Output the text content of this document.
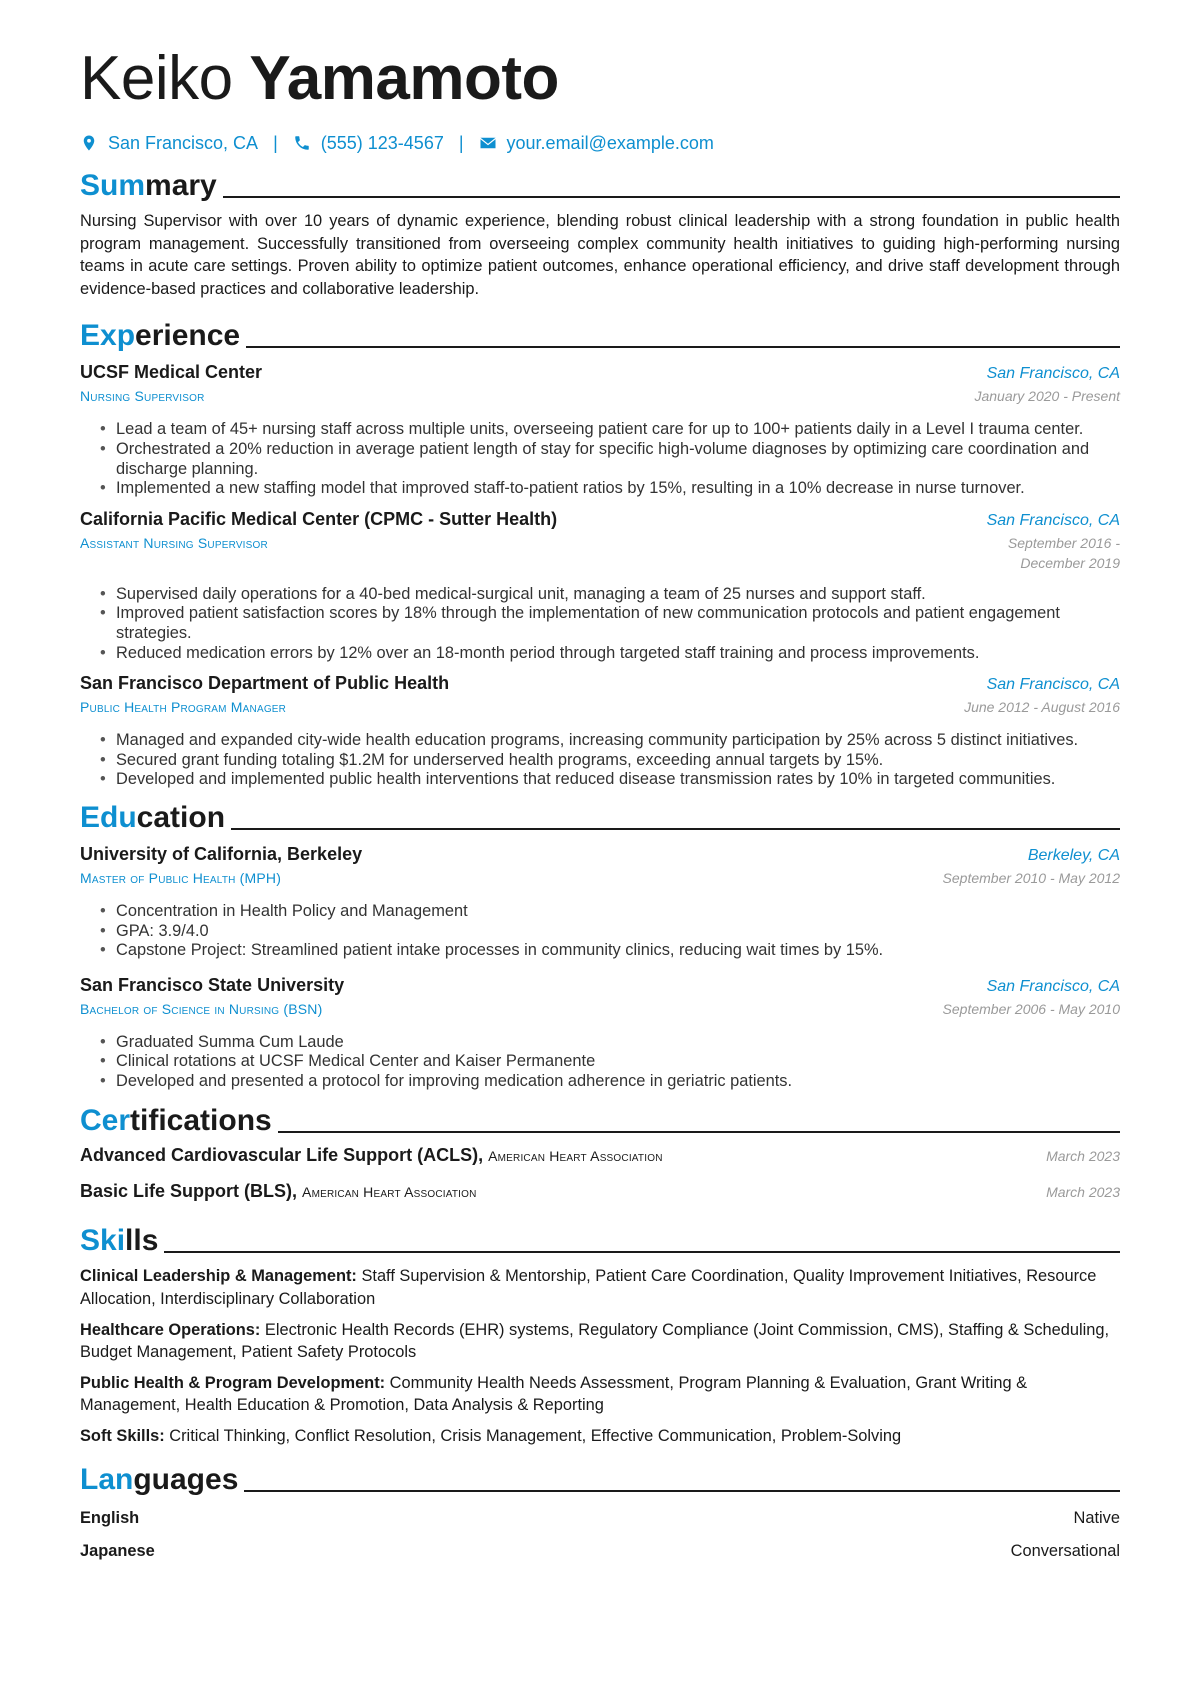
Keiko Yamamoto
San Francisco, CA | (555) 123-4567 | your.email@example.com
Summary
Nursing Supervisor with over 10 years of dynamic experience, blending robust clinical leadership with a strong foundation in public health program management. Successfully transitioned from overseeing complex community health initiatives to guiding high-performing nursing teams in acute care settings. Proven ability to optimize patient outcomes, enhance operational efficiency, and drive staff development through evidence-based practices and collaborative leadership.
Experience
UCSF Medical Center	San Francisco, CA
Nursing Supervisor	January 2020 - Present
• Lead a team of 45+ nursing staff across multiple units, overseeing patient care for up to 100+ patients daily in a Level I trauma center.
• Orchestrated a 20% reduction in average patient length of stay for specific high-volume diagnoses by optimizing care coordination and discharge planning.
• Implemented a new staffing model that improved staff-to-patient ratios by 15%, resulting in a 10% decrease in nurse turnover.
California Pacific Medical Center (CPMC - Sutter Health)	San Francisco, CA
Assistant Nursing Supervisor	September 2016 - December 2019
• Supervised daily operations for a 40-bed medical-surgical unit, managing a team of 25 nurses and support staff.
• Improved patient satisfaction scores by 18% through the implementation of new communication protocols and patient engagement strategies.
• Reduced medication errors by 12% over an 18-month period through targeted staff training and process improvements.
San Francisco Department of Public Health	San Francisco, CA
Public Health Program Manager	June 2012 - August 2016
• Managed and expanded city-wide health education programs, increasing community participation by 25% across 5 distinct initiatives.
• Secured grant funding totaling $1.2M for underserved health programs, exceeding annual targets by 15%.
• Developed and implemented public health interventions that reduced disease transmission rates by 10% in targeted communities.
Education
University of California, Berkeley	Berkeley, CA
Master of Public Health (MPH)	September 2010 - May 2012
• Concentration in Health Policy and Management
• GPA: 3.9/4.0
• Capstone Project: Streamlined patient intake processes in community clinics, reducing wait times by 15%.
San Francisco State University	San Francisco, CA
Bachelor of Science in Nursing (BSN)	September 2006 - May 2010
• Graduated Summa Cum Laude
• Clinical rotations at UCSF Medical Center and Kaiser Permanente
• Developed and presented a protocol for improving medication adherence in geriatric patients.
Certifications
Advanced Cardiovascular Life Support (ACLS), American Heart Association	March 2023
Basic Life Support (BLS), American Heart Association	March 2023
Skills
Clinical Leadership & Management: Staff Supervision & Mentorship, Patient Care Coordination, Quality Improvement Initiatives, Resource Allocation, Interdisciplinary Collaboration
Healthcare Operations: Electronic Health Records (EHR) systems, Regulatory Compliance (Joint Commission, CMS), Staffing & Scheduling, Budget Management, Patient Safety Protocols
Public Health & Program Development: Community Health Needs Assessment, Program Planning & Evaluation, Grant Writing & Management, Health Education & Promotion, Data Analysis & Reporting
Soft Skills: Critical Thinking, Conflict Resolution, Crisis Management, Effective Communication, Problem-Solving
Languages
English	Native
Japanese	Conversational
